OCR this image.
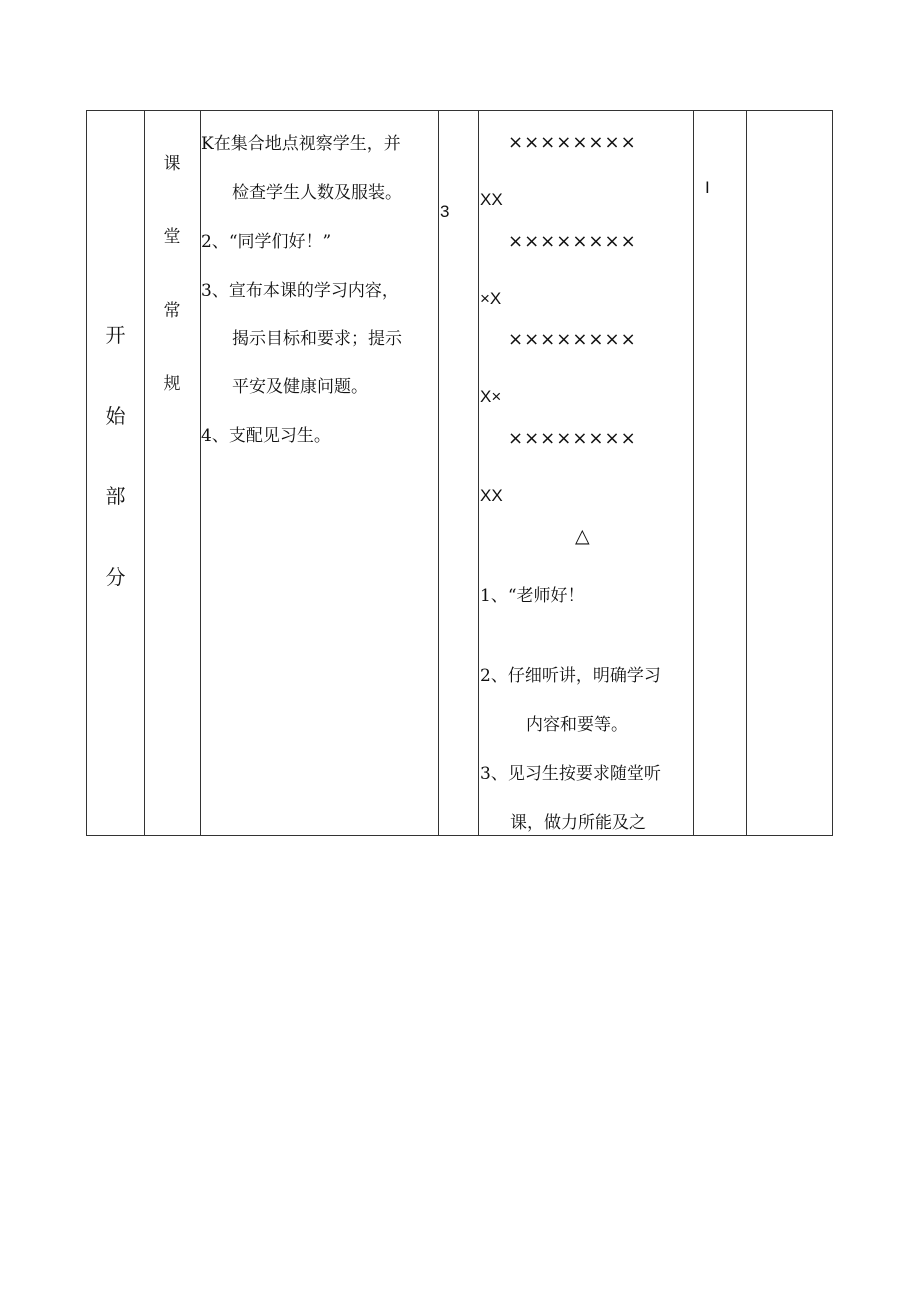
开
始
部
分
课
堂
常
规
K在集合地点视察学生，并
检查学生人数及服装。
2、“同学们好！”
3、宣布本课的学习内容，
揭示目标和要求；提示
平安及健康问题。
4、支配见习生。
3
××××××××
XX
××××××××
×X
××××××××
X×
××××××××
XX
△
1、“老师好！
2、仔细听讲，明确学习
内容和要等。
3、见习生按要求随堂听
课，做力所能及之
I
